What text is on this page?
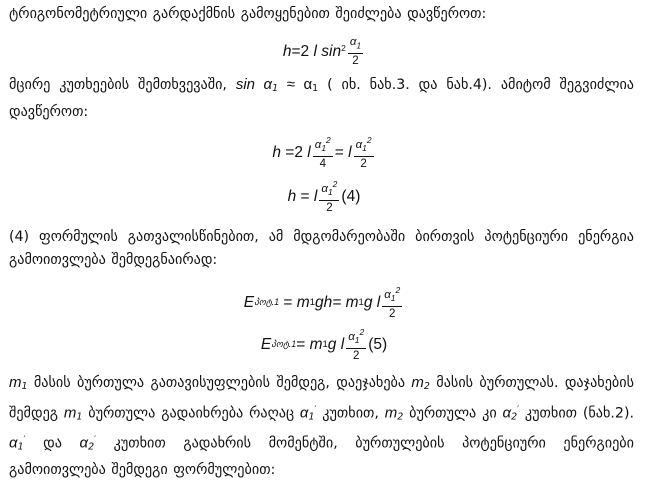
ტრიგონომეტრიული გარდაქმნის გამოყენებით შეიძლება დავწეროთ:
h =2
l
$\sin^2 \frac{\alpha_1}{2}$
მცირე კუთხეების შემთხვევაში, sin α1 ≈ α1 ( იხ. ნახ.3. და ნახ.4). ამიტომ შეგვიძლია დავწეროთ:
h
=2
l $\frac{\alpha_1^2}{4}$ =
l $\frac{\alpha_1^2}{2}$
h = l $\frac{\alpha_1^2}{2} (4)$
(4) ფორმულის გათვალისწინებით, ამ მდგომარეობაში ბირთვის პოტენციური ენერგია გამოითვლება შემდეგნაირად:
E პოტ.1 = m 1 gh= m 1 g
l $\frac{\alpha_1^2}{2}$
E პოტ.1 = m 1 g
l $\frac{\alpha_1^2}{2} (5)$
m1 მასის ბურთულა გათავისუფლების შემდეგ, დაეჯახება m2 მასის ბურთულას. დაჯახების შემდეგ m1 ბურთულა გადაიხრება რაღაც α1′ კუთხით, m2 ბურთულა კი α2′ კუთხით (ნახ.2). α1′ და α2′ კუთხით გადახრის მომენტში, ბურთულების პოტენციური ენერგიები გამოითვლება შემდეგი ფორმულებით:
